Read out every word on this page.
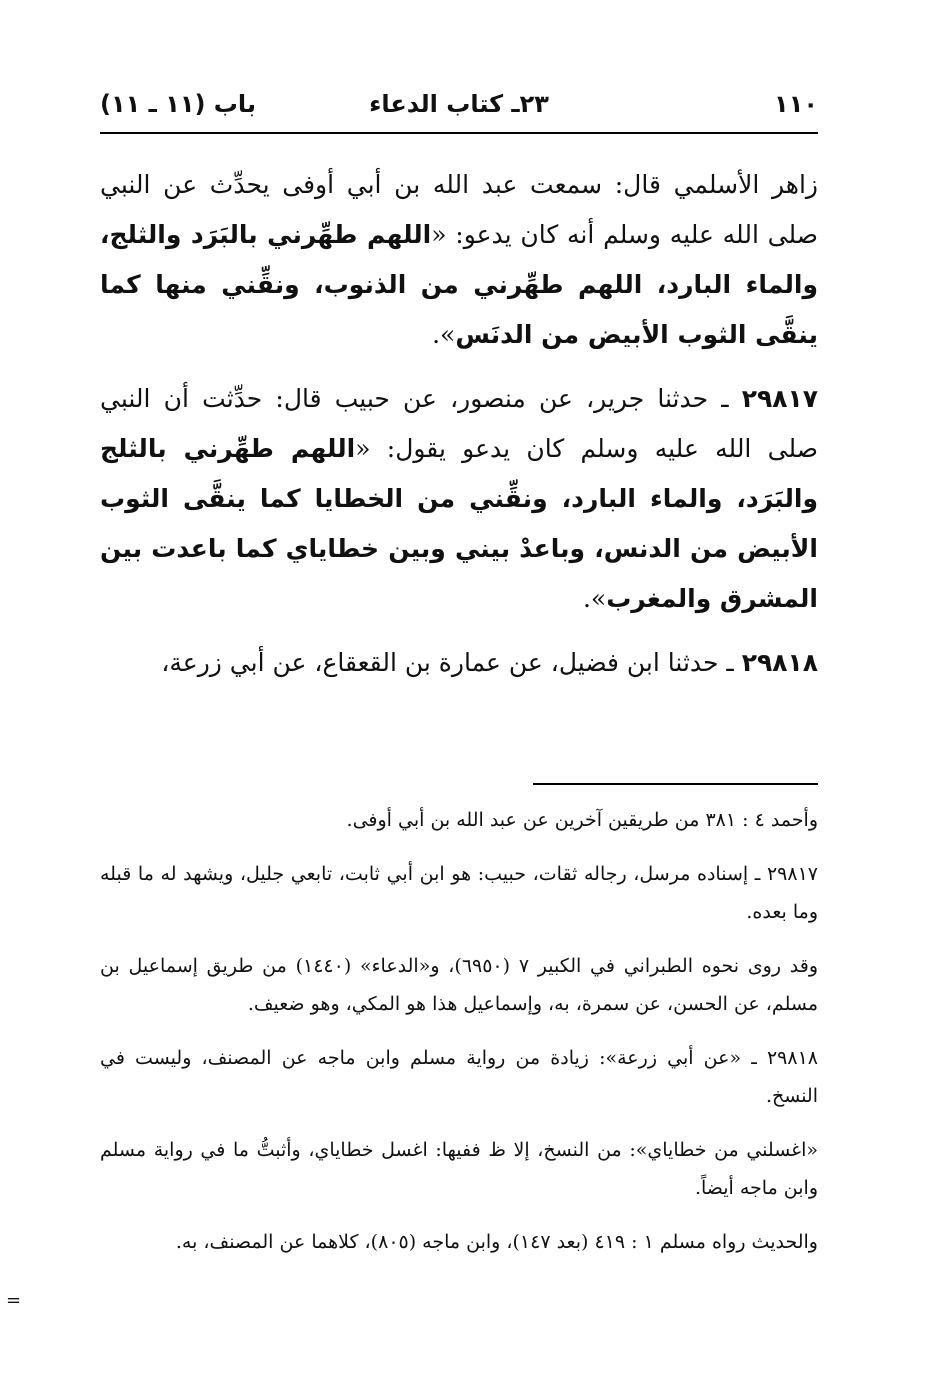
١١٠
٢٣ـ كتاب الدعاء
باب (١١ ـ ١١)

زاهر الأسلمي قال: سمعت عبد الله بن أبي أوفى يحدِّث عن النبي صلى الله عليه وسلم أنه كان يدعو: «اللهم طهِّرني بالبَرَد والثلج، والماء البارد، اللهم طهِّرني من الذنوب، ونقِّني منها كما ينقَّى الثوب الأبيض من الدنَس».

٢٩٨١٧ ـ حدثنا جرير، عن منصور، عن حبيب قال: حدِّثت أن النبي صلى الله عليه وسلم كان يدعو يقول: «اللهم طهِّرني بالثلج والبَرَد، والماء البارد، ونقِّني من الخطايا كما ينقَّى الثوب الأبيض من الدنس، وباعدْ بيني وبين خطاياي كما باعدت بين المشرق والمغرب».

٢٩٨١٨ ـ حدثنا ابن فضيل، عن عمارة بن القعقاع، عن أبي زرعة،

وأحمد ٤ : ٣٨١ من طريقين آخرين عن عبد الله بن أبي أوفى.

٢٩٨١٧ ـ إسناده مرسل، رجاله ثقات، حبيب: هو ابن أبي ثابت، تابعي جليل، ويشهد له ما قبله وما بعده.

وقد روى نحوه الطبراني في الكبير ٧ (٦٩٥٠)، و«الدعاء» (١٤٤٠) من طريق إسماعيل بن مسلم، عن الحسن، عن سمرة، به، وإسماعيل هذا هو المكي، وهو ضعيف.

٢٩٨١٨ ـ «عن أبي زرعة»: زيادة من رواية مسلم وابن ماجه عن المصنف، وليست في النسخ.

«اغسلني من خطاياي»: من النسخ، إلا ظ ففيها: اغسل خطاياي، وأثبتُّ ما في رواية مسلم وابن ماجه أيضاً.

والحديث رواه مسلم ١ : ٤١٩ (بعد ١٤٧)، وابن ماجه (٨٠٥)، كلاهما عن المصنف، به.

=
